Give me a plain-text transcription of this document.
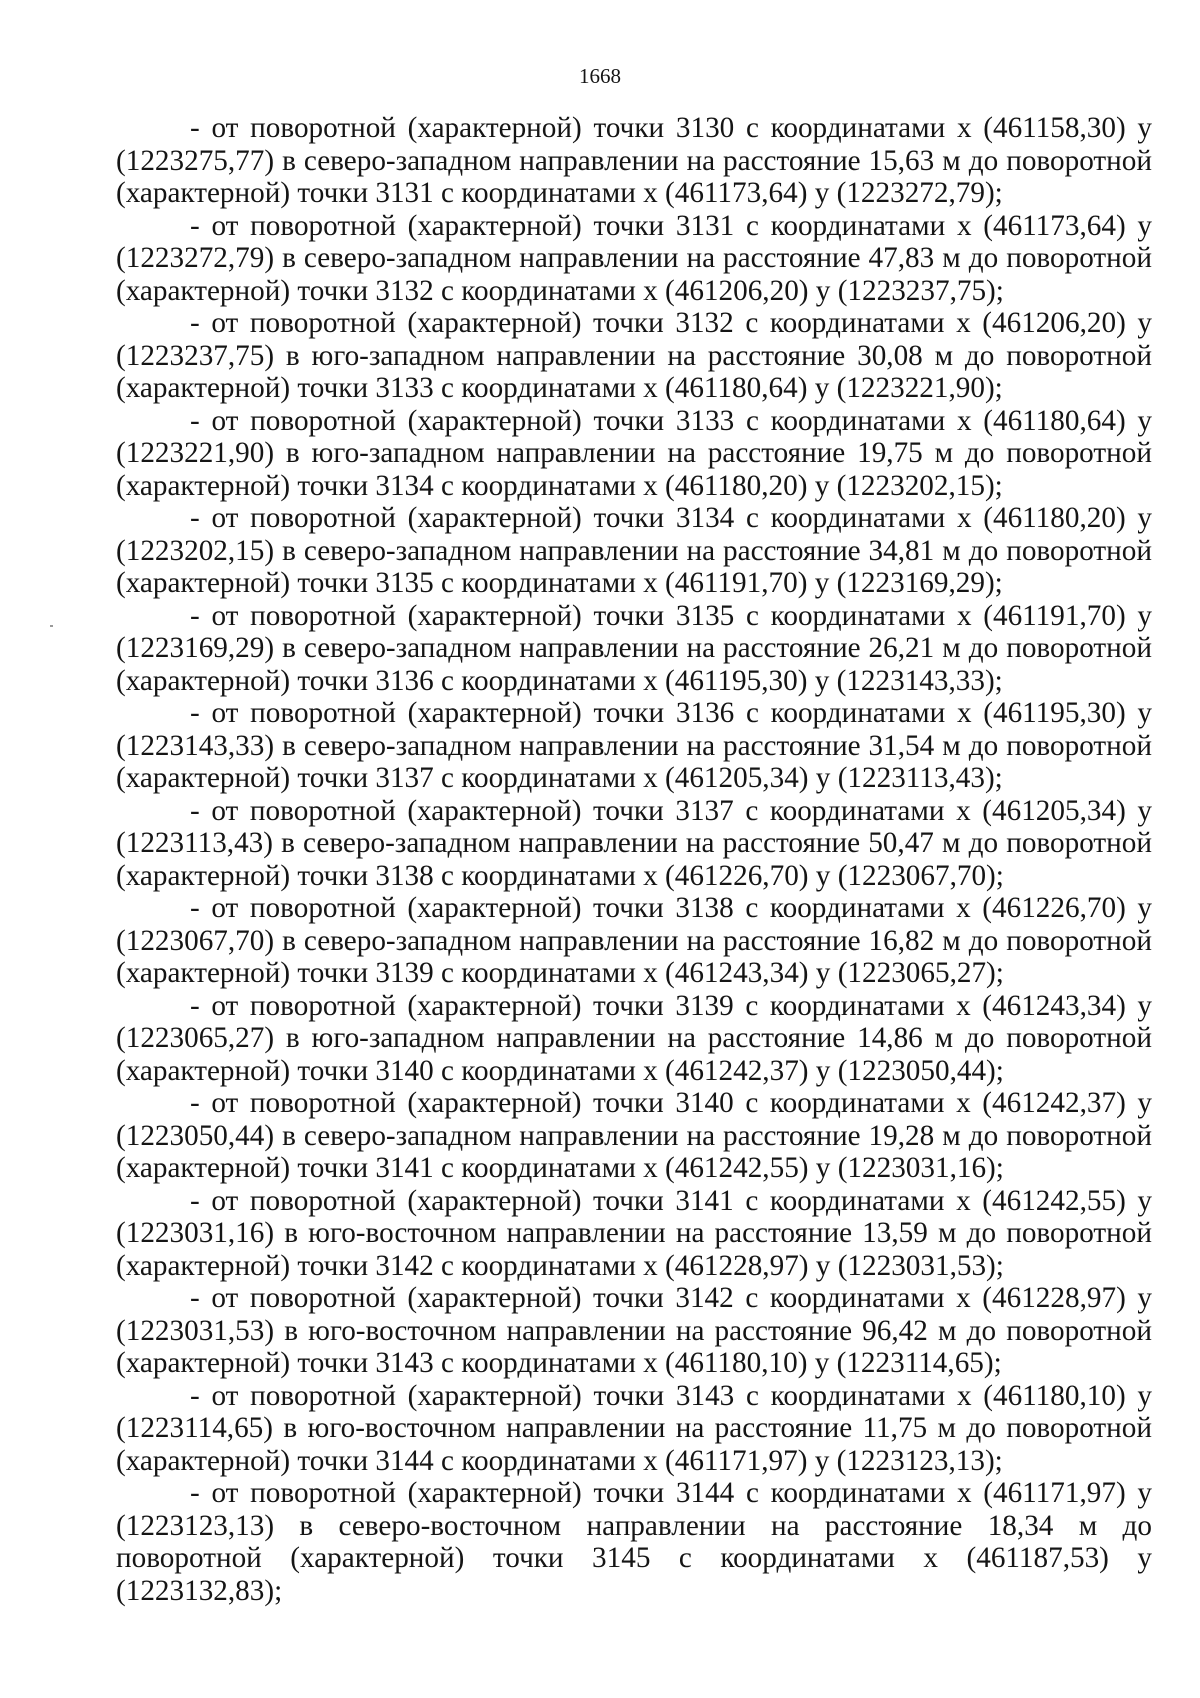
1668

- от поворотной (характерной) точки 3130 с координатами х (461158,30) у (1223275,77) в северо-западном направлении на расстояние 15,63 м до поворотной (характерной) точки 3131 с координатами х (461173,64) у (1223272,79);

- от поворотной (характерной) точки 3131 с координатами х (461173,64) у (1223272,79) в северо-западном направлении на расстояние 47,83 м до поворотной (характерной) точки 3132 с координатами х (461206,20) у (1223237,75);

- от поворотной (характерной) точки 3132 с координатами х (461206,20) у (1223237,75) в юго-западном направлении на расстояние 30,08 м до поворотной (характерной) точки 3133 с координатами х (461180,64) у (1223221,90);

- от поворотной (характерной) точки 3133 с координатами х (461180,64) у (1223221,90) в юго-западном направлении на расстояние 19,75 м до поворотной (характерной) точки 3134 с координатами х (461180,20) у (1223202,15);

- от поворотной (характерной) точки 3134 с координатами х (461180,20) у (1223202,15) в северо-западном направлении на расстояние 34,81 м до поворотной (характерной) точки 3135 с координатами х (461191,70) у (1223169,29);

- от поворотной (характерной) точки 3135 с координатами х (461191,70) у (1223169,29) в северо-западном направлении на расстояние 26,21 м до поворотной (характерной) точки 3136 с координатами х (461195,30) у (1223143,33);

- от поворотной (характерной) точки 3136 с координатами х (461195,30) у (1223143,33) в северо-западном направлении на расстояние 31,54 м до поворотной (характерной) точки 3137 с координатами х (461205,34) у (1223113,43);

- от поворотной (характерной) точки 3137 с координатами х (461205,34) у (1223113,43) в северо-западном направлении на расстояние 50,47 м до поворотной (характерной) точки 3138 с координатами х (461226,70) у (1223067,70);

- от поворотной (характерной) точки 3138 с координатами х (461226,70) у (1223067,70) в северо-западном направлении на расстояние 16,82 м до поворотной (характерной) точки 3139 с координатами х (461243,34) у (1223065,27);

- от поворотной (характерной) точки 3139 с координатами х (461243,34) у (1223065,27) в юго-западном направлении на расстояние 14,86 м до поворотной (характерной) точки 3140 с координатами х (461242,37) у (1223050,44);

- от поворотной (характерной) точки 3140 с координатами х (461242,37) у (1223050,44) в северо-западном направлении на расстояние 19,28 м до поворотной (характерной) точки 3141 с координатами х (461242,55) у (1223031,16);

- от поворотной (характерной) точки 3141 с координатами х (461242,55) у (1223031,16) в юго-восточном направлении на расстояние 13,59 м до поворотной (характерной) точки 3142 с координатами х (461228,97) у (1223031,53);

- от поворотной (характерной) точки 3142 с координатами х (461228,97) у (1223031,53) в юго-восточном направлении на расстояние 96,42 м до поворотной (характерной) точки 3143 с координатами х (461180,10) у (1223114,65);

- от поворотной (характерной) точки 3143 с координатами х (461180,10) у (1223114,65) в юго-восточном направлении на расстояние 11,75 м до поворотной (характерной) точки 3144 с координатами х (461171,97) у (1223123,13);

- от поворотной (характерной) точки 3144 с координатами х (461171,97) у (1223123,13) в северо-восточном направлении на расстояние 18,34 м до поворотной (характерной) точки 3145 с координатами х (461187,53) у (1223132,83);
